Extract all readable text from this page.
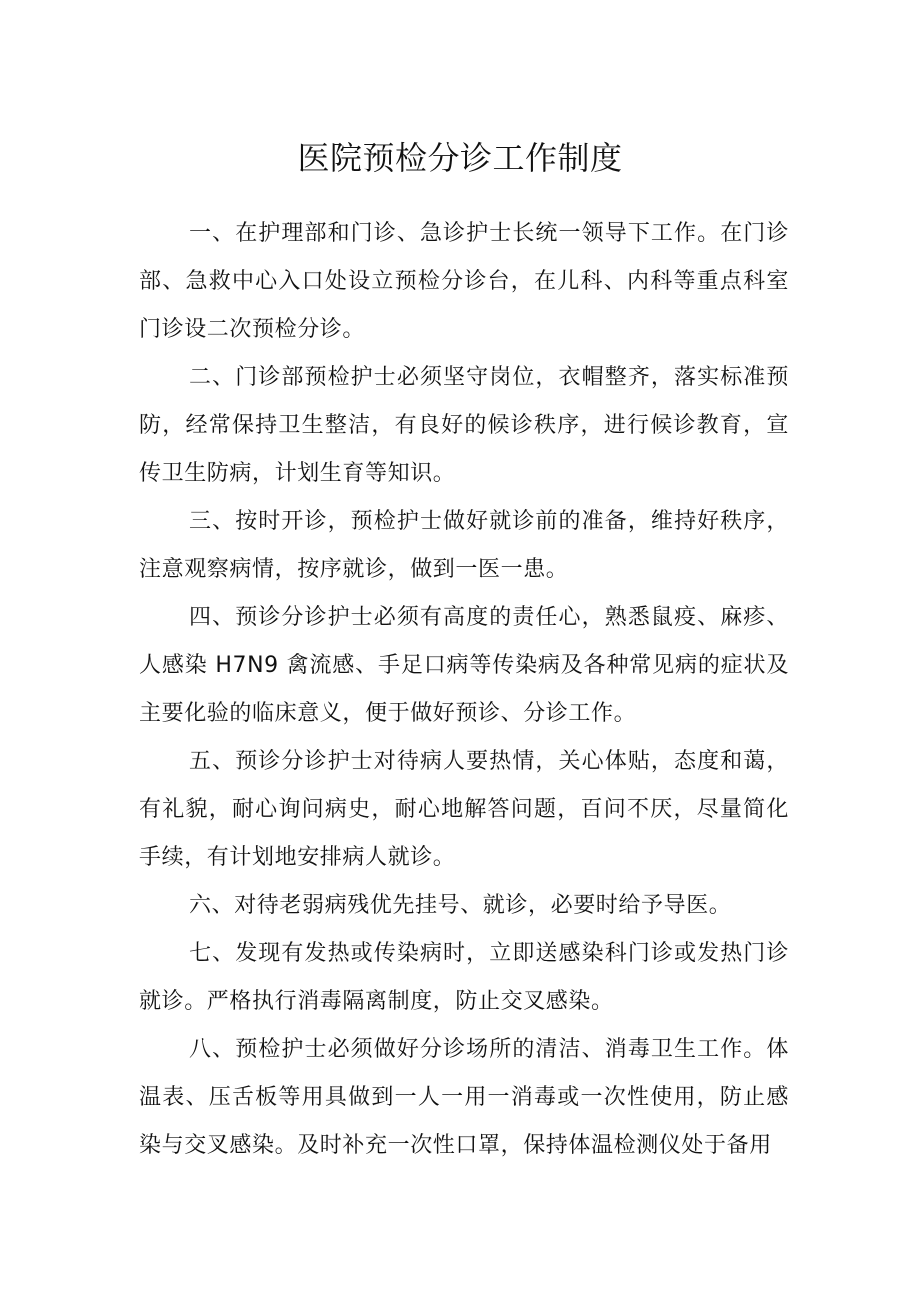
医院预检分诊工作制度

一、在护理部和门诊、急诊护士长统一领导下工作。在门诊部、急救中心入口处设立预检分诊台，在儿科、内科等重点科室门诊设二次预检分诊。

二、门诊部预检护士必须坚守岗位，衣帽整齐，落实标准预防，经常保持卫生整洁，有良好的候诊秩序，进行候诊教育，宣传卫生防病，计划生育等知识。

三、按时开诊，预检护士做好就诊前的准备，维持好秩序，注意观察病情，按序就诊，做到一医一患。

四、预诊分诊护士必须有高度的责任心，熟悉鼠疫、麻疹、人感染 H7N9 禽流感、手足口病等传染病及各种常见病的症状及主要化验的临床意义，便于做好预诊、分诊工作。

五、预诊分诊护士对待病人要热情，关心体贴，态度和蔼，有礼貌，耐心询问病史，耐心地解答问题，百问不厌，尽量简化手续，有计划地安排病人就诊。

六、对待老弱病残优先挂号、就诊，必要时给予导医。

七、发现有发热或传染病时，立即送感染科门诊或发热门诊就诊。严格执行消毒隔离制度，防止交叉感染。

八、预检护士必须做好分诊场所的清洁、消毒卫生工作。体温表、压舌板等用具做到一人一用一消毒或一次性使用，防止感染与交叉感染。及时补充一次性口罩，保持体温检测仪处于备用
